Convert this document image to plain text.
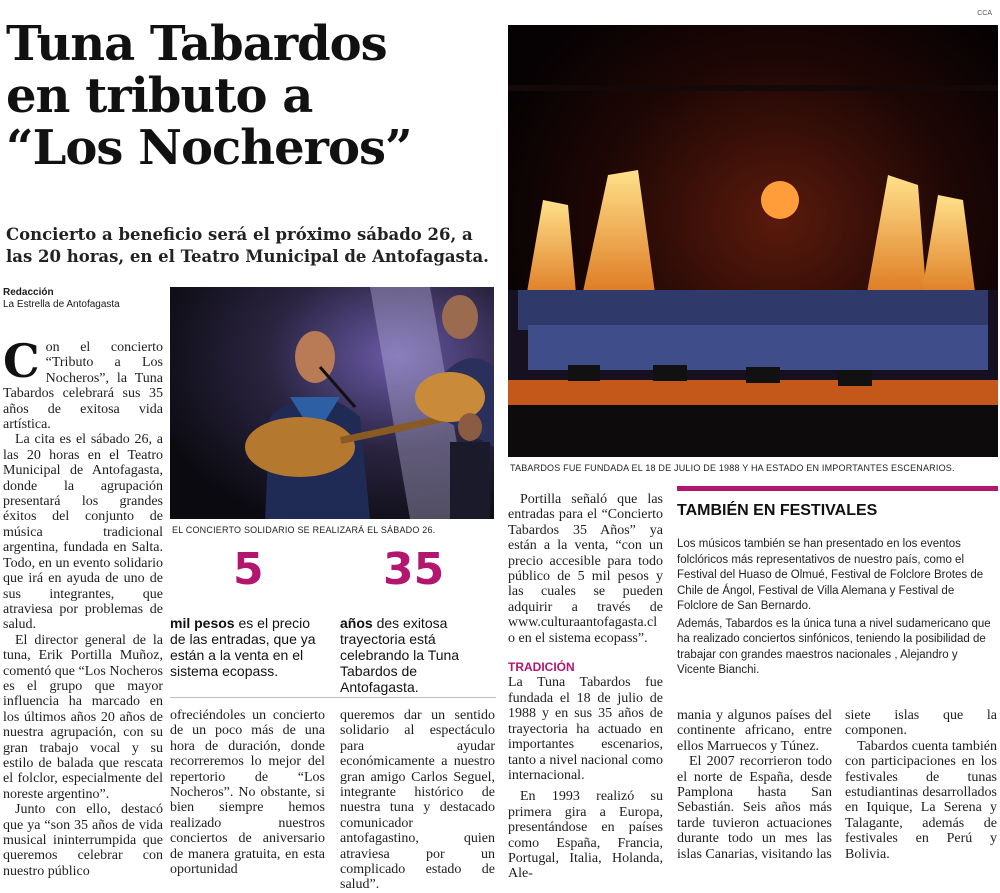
CCA
Tuna Tabardos
en tributo a
“Los Nocheros”
Concierto a beneficio será el próximo sábado 26, a las 20 horas, en el Teatro Municipal de Antofagasta.
Redacción
La Estrella de Antofagasta
C on el concierto “Tributo a Los Nocheros”, la Tuna Tabardos celebrará sus 35 años de exitosa vida artística.

La cita es el sábado 26, a las 20 horas en el Teatro Municipal de Antofagasta, donde la agrupación presentará los grandes éxitos del conjunto de música tradicional argentina, fundada en Salta. Todo, en un evento solidario que irá en ayuda de uno de sus integrantes, que atraviesa por problemas de salud.

El director general de la tuna, Erik Portilla Muñoz, comentó que “Los Nocheros es el grupo que mayor influencia ha marcado en los últimos años 20 años de nuestra agrupación, con su gran trabajo vocal y su estilo de balada que rescata el folclor, especialmente del noreste argentino”.

Junto con ello, destacó que ya “son 35 años de vida musical ininterrumpida que queremos celebrar con nuestro público

EL CONCIERTO SOLIDARIO SE REALIZARÁ EL SÁBADO 26.
5
mil pesos es el precio de las entradas, que ya están a la venta en el sistema ecopass.
35
años des exitosa trayectoria está celebrando la Tuna Tabardos de Antofagasta.

ofreciéndoles un concierto de un poco más de una hora de duración, donde recorreremos lo mejor del repertorio de “Los Nocheros”. No obstante, si bien siempre hemos realizado nuestros conciertos de aniversario de manera gratuita, en esta oportunidad

queremos dar un sentido solidario al espectáculo para ayudar económicamente a nuestro gran amigo Carlos Seguel, integrante histórico de nuestra tuna y destacado comunicador antofagastino, quien atraviesa por un complicado estado de salud”.

TABARDOS FUE FUNDADA EL 18 DE JULIO DE 1988 Y HA ESTADO EN IMPORTANTES ESCENARIOS.

Portilla señaló que las entradas para el “Concierto Tabardos 35 Años” ya están a la venta, “con un precio accesible para todo público de 5 mil pesos y las cuales se pueden adquirir a través de www.culturaantofagasta.cl o en el sistema ecopass”.

TRADICIÓN

La Tuna Tabardos fue fundada el 18 de julio de 1988 y en sus 35 años de trayectoria ha actuado en importantes escenarios, tanto a nivel nacional como internacional.

En 1993 realizó su primera gira a Europa, presentándose en países como España, Francia, Portugal, Italia, Holanda, Ale-

TAMBIÉN EN FESTIVALES

Los músicos también se han presentado en los eventos folclóricos más representativos de nuestro país, como el Festival del Huaso de Olmué, Festival de Folclore Brotes de Chile de Ángol, Festival de Villa Alemana y Festival de Folclore de San Bernardo.

Además, Tabardos es la única tuna a nivel sudamericano que ha realizado conciertos sinfónicos, teniendo la posibilidad de trabajar con grandes maestros nacionales , Alejandro y Vicente Bianchi.

mania y algunos países del continente africano, entre ellos Marruecos y Túnez.

El 2007 recorrieron todo el norte de España, desde Pamplona hasta San Sebastián. Seis años más tarde tuvieron actuaciones durante todo un mes las islas Canarias, visitando las

siete islas que la componen.

Tabardos cuenta también con participaciones en los festivales de tunas estudiantinas desarrollados en Iquique, La Serena y Talagante, además de festivales en Perú y Bolivia.
